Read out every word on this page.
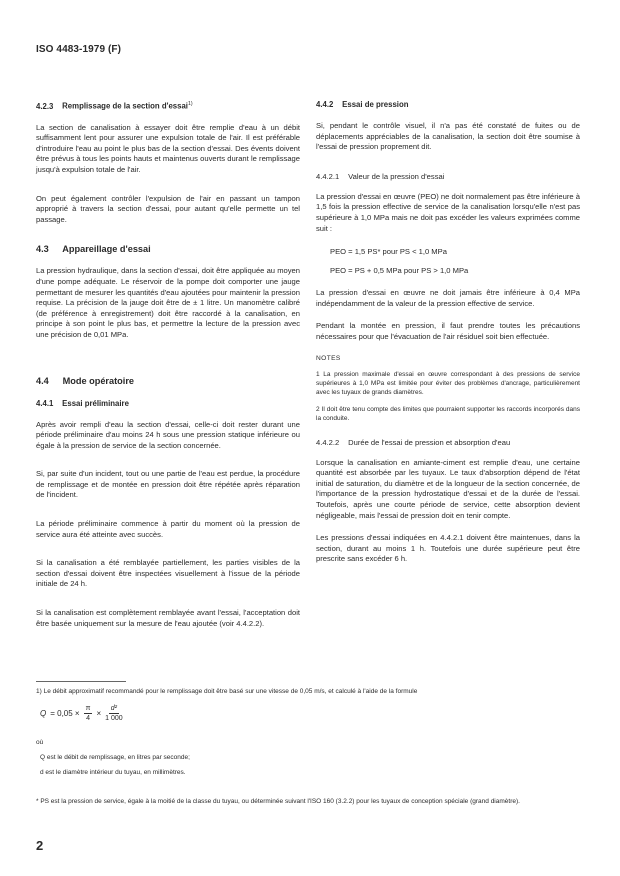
ISO 4483-1979 (F)
4.2.3 Remplissage de la section d'essai$^{1)}$

La section de canalisation à essayer doit être remplie d'eau à un débit suffisamment lent pour assurer une expulsion totale de l'air. Il est préférable d'introduire l'eau au point le plus bas de la section d'essai. Des évents doivent être prévus à tous les points hauts et maintenus ouverts durant le remplissage jusqu'à expulsion totale de l'air.

On peut également contrôler l'expulsion de l'air en passant un tampon approprié à travers la section d'essai, pour autant qu'elle permette un tel passage.

4.3 Appareillage d'essai

La pression hydraulique, dans la section d'essai, doit être appliquée au moyen d'une pompe adéquate. Le réservoir de la pompe doit comporter une jauge permettant de mesurer les quantités d'eau ajoutées pour maintenir la pression requise. La précision de la jauge doit être de ± 1 litre. Un manomètre calibré (de préférence à enregistrement) doit être raccordé à la canalisation, en principe à son point le plus bas, et permettre la lecture de la pression avec une précision de 0,01 MPa.

4.4 Mode opératoire
4.4.1 Essai préliminaire

Après avoir rempli d'eau la section d'essai, celle-ci doit rester durant une période préliminaire d'au moins 24 h sous une pression statique inférieure ou égale à la pression de service de la section concernée.

Si, par suite d'un incident, tout ou une partie de l'eau est perdue, la procédure de remplissage et de montée en pression doit être répétée après réparation de l'incident.

La période préliminaire commence à partir du moment où la pression de service aura été atteinte avec succès.

Si la canalisation a été remblayée partiellement, les parties visibles de la section d'essai doivent être inspectées visuellement à l'issue de la période initiale de 24 h.

Si la canalisation est complètement remblayée avant l'essai, l'acceptation doit être basée uniquement sur la mesure de l'eau ajoutée (voir 4.4.2.2).

4.4.2 Essai de pression

Si, pendant le contrôle visuel, il n'a pas été constaté de fuites ou de déplacements appréciables de la canalisation, la section doit être soumise à l'essai de pression proprement dit.

4.4.2.1 Valeur de la pression d'essai

La pression d'essai en œuvre (PEO) ne doit normalement pas être inférieure à 1,5 fois la pression effective de service de la canalisation lorsqu'elle n'est pas supérieure à 1,0 MPa mais ne doit pas excéder les valeurs exprimées comme suit :

PEO = 1,5 PS* pour PS < 1,0 MPa
PEO = PS + 0,5 MPa pour PS > 1,0 MPa

La pression d'essai en œuvre ne doit jamais être inférieure à 0,4 MPa indépendamment de la valeur de la pression effective de service.

Pendant la montée en pression, il faut prendre toutes les précautions nécessaires pour que l'évacuation de l'air résiduel soit bien effectuée.

NOTES
1 La pression maximale d'essai en œuvre correspondant à des pressions de service supérieures à 1,0 MPa est limitée pour éviter des problèmes d'ancrage, particulièrement avec les tuyaux de grands diamètres.
2 Il doit être tenu compte des limites que pourraient supporter les raccords incorporés dans la conduite.
4.4.2.2 Durée de l'essai de pression et absorption d'eau

Lorsque la canalisation en amiante-ciment est remplie d'eau, une certaine quantité est absorbée par les tuyaux. Le taux d'absorption dépend de l'état initial de saturation, du diamètre et de la longueur de la section concernée, de l'importance de la pression hydrostatique d'essai et de la durée de l'essai. Toutefois, après une courte période de service, cette absorption devient négligeable, mais l'essai de pression doit en tenir compte.

Les pressions d'essai indiquées en 4.4.2.1 doivent être maintenues, dans la section, durant au moins 1 h. Toutefois une durée supérieure peut être prescrite sans excéder 6 h.

1) Le débit approximatif recommandé pour le remplissage doit être basé sur une vitesse de 0,05 m/s, et calculé à l'aide de la formule
$Q = 0,05 \times \frac{\pi}{4} \times \frac{\text{d²}}{1 000}$
où
Q est le débit de remplissage, en litres par seconde;
d est le diamètre intérieur du tuyau, en millimètres.
* PS est la pression de service, égale à la moitié de la classe du tuyau, ou déterminée suivant l'ISO 160 (3.2.2) pour les tuyaux de conception spéciale (grand diamètre).
2
